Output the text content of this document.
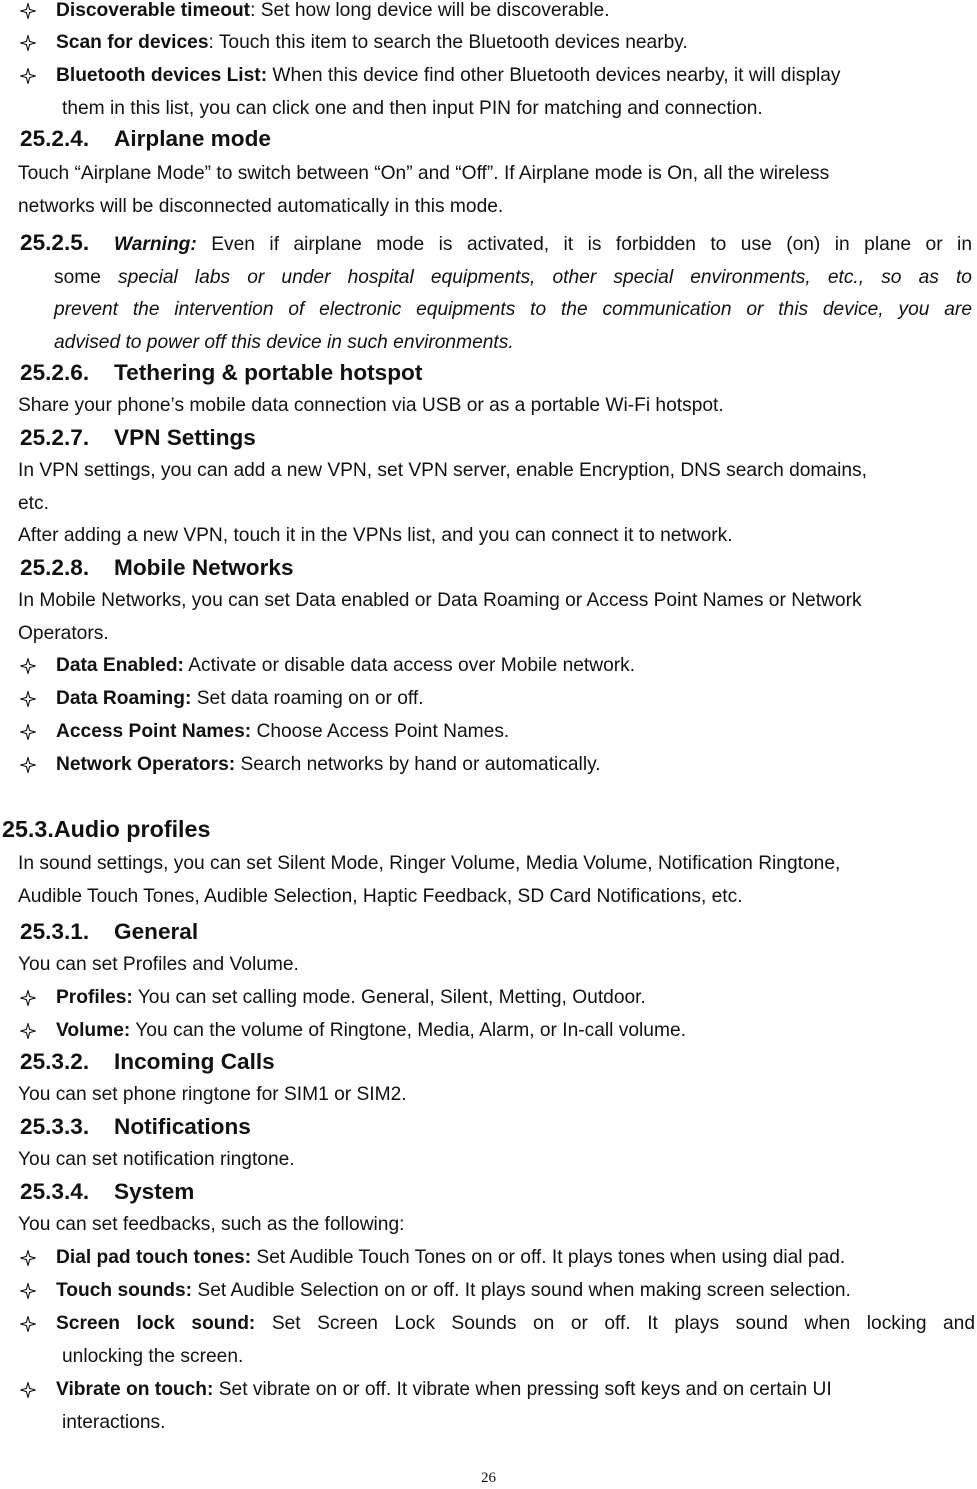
Discoverable timeout: Set how long device will be discoverable.
Scan for devices: Touch this item to search the Bluetooth devices nearby.
Bluetooth devices List: When this device find other Bluetooth devices nearby, it will display
them in this list, you can click one and then input PIN for matching and connection.
25.2.4. Airplane mode
Touch “Airplane Mode” to switch between “On” and “Off”. If Airplane mode is On, all the wireless
networks will be disconnected automatically in this mode.
25.2.5. Warning: Even if airplane mode is activated, it is forbidden to use (on) in plane or in
some special labs or under hospital equipments, other special environments, etc., so as to
prevent the intervention of electronic equipments to the communication or this device, you are
advised to power off this device in such environments.
25.2.6. Tethering & portable hotspot
Share your phone’s mobile data connection via USB or as a portable Wi-Fi hotspot.
25.2.7. VPN Settings
In VPN settings, you can add a new VPN, set VPN server, enable Encryption, DNS search domains,
etc.
After adding a new VPN, touch it in the VPNs list, and you can connect it to network.
25.2.8. Mobile Networks
In Mobile Networks, you can set Data enabled or Data Roaming or Access Point Names or Network
Operators.
Data Enabled: Activate or disable data access over Mobile network.
Data Roaming: Set data roaming on or off.
Access Point Names: Choose Access Point Names.
Network Operators: Search networks by hand or automatically.
25.3.Audio profiles
In sound settings, you can set Silent Mode, Ringer Volume, Media Volume, Notification Ringtone,
Audible Touch Tones, Audible Selection, Haptic Feedback, SD Card Notifications, etc.
25.3.1. General
You can set Profiles and Volume.
Profiles: You can set calling mode. General, Silent, Metting, Outdoor.
Volume: You can the volume of Ringtone, Media, Alarm, or In-call volume.
25.3.2. Incoming Calls
You can set phone ringtone for SIM1 or SIM2.
25.3.3. Notifications
You can set notification ringtone.
25.3.4. System
You can set feedbacks, such as the following:
Dial pad touch tones: Set Audible Touch Tones on or off. It plays tones when using dial pad.
Touch sounds: Set Audible Selection on or off. It plays sound when making screen selection.
Screen lock sound: Set Screen Lock Sounds on or off. It plays sound when locking and
unlocking the screen.
Vibrate on touch: Set vibrate on or off. It vibrate when pressing soft keys and on certain UI
interactions.
26
